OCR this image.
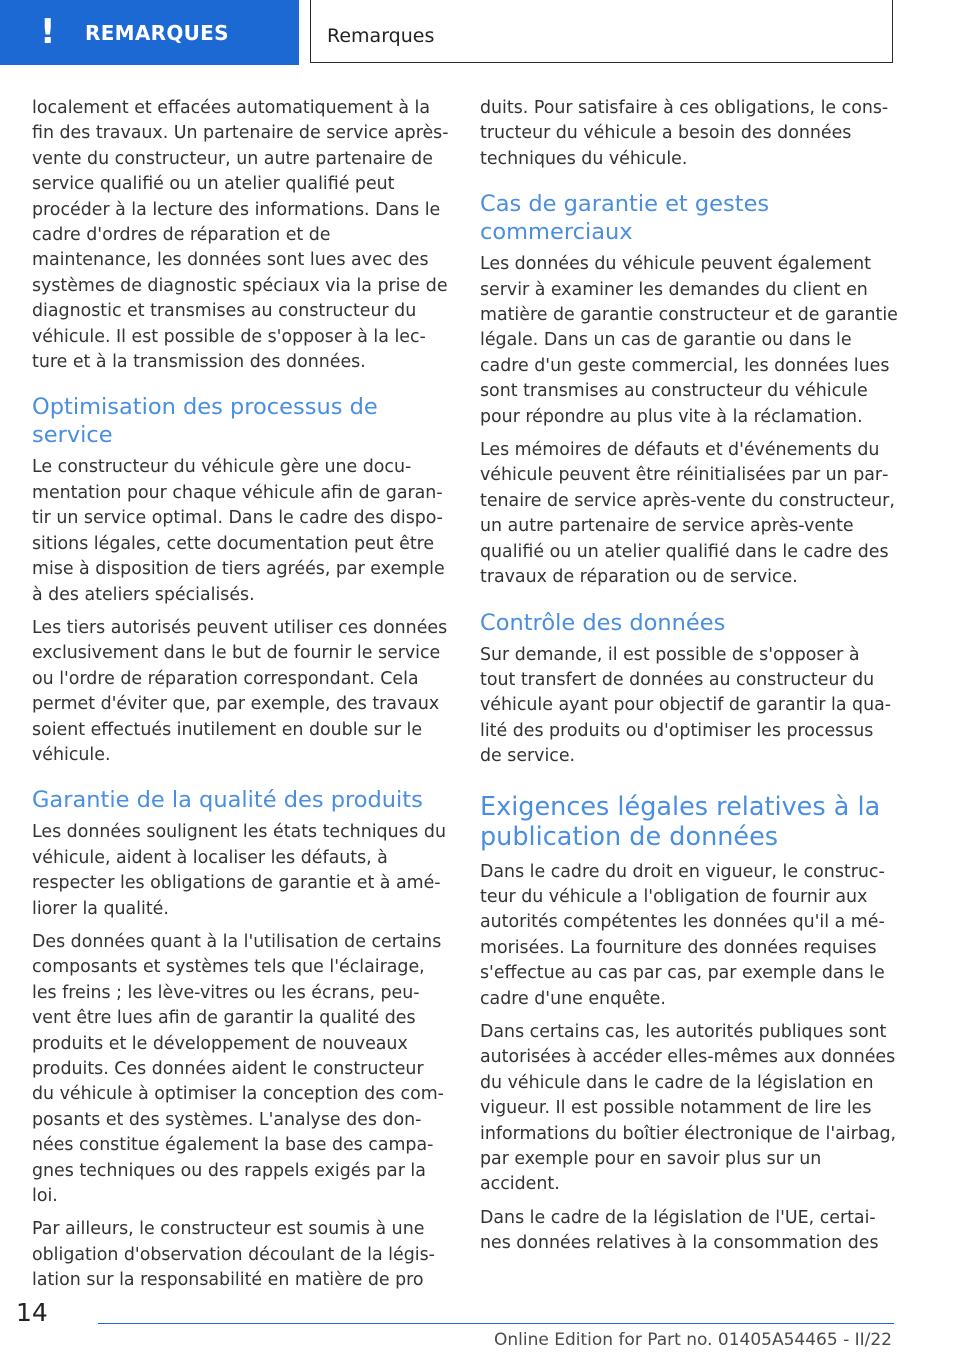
! REMARQUES	Remarques

localement et effacées automatiquement à la fin des travaux. Un partenaire de service après-vente du constructeur, un autre partenaire de service qualifié ou un atelier qualifié peut procéder à la lecture des informations. Dans le cadre d'ordres de réparation et de maintenance, les données sont lues avec des systèmes de diagnostic spéciaux via la prise de diagnostic et transmises au constructeur du véhicule. Il est possible de s'opposer à la lecture et à la transmission des données.

Optimisation des processus de service

Le constructeur du véhicule gère une documentation pour chaque véhicule afin de garantir un service optimal. Dans le cadre des dispositions légales, cette documentation peut être mise à disposition de tiers agréés, par exemple à des ateliers spécialisés.

Les tiers autorisés peuvent utiliser ces données exclusivement dans le but de fournir le service ou l'ordre de réparation correspondant. Cela permet d'éviter que, par exemple, des travaux soient effectués inutilement en double sur le véhicule.

Garantie de la qualité des produits

Les données soulignent les états techniques du véhicule, aident à localiser les défauts, à respecter les obligations de garantie et à améliorer la qualité.

Des données quant à la l'utilisation de certains composants et systèmes tels que l'éclairage, les freins ; les lève-vitres ou les écrans, peuvent être lues afin de garantir la qualité des produits et le développement de nouveaux produits. Ces données aident le constructeur du véhicule à optimiser la conception des composants et des systèmes. L'analyse des données constitue également la base des campagnes techniques ou des rappels exigés par la loi.

Par ailleurs, le constructeur est soumis à une obligation d'observation découlant de la législation sur la responsabilité en matière de pro

duits. Pour satisfaire à ces obligations, le constructeur du véhicule a besoin des données techniques du véhicule.

Cas de garantie et gestes commerciaux

Les données du véhicule peuvent également servir à examiner les demandes du client en matière de garantie constructeur et de garantie légale. Dans un cas de garantie ou dans le cadre d'un geste commercial, les données lues sont transmises au constructeur du véhicule pour répondre au plus vite à la réclamation.

Les mémoires de défauts et d'événements du véhicule peuvent être réinitialisées par un partenaire de service après-vente du constructeur, un autre partenaire de service après-vente qualifié ou un atelier qualifié dans le cadre des travaux de réparation ou de service.

Contrôle des données

Sur demande, il est possible de s'opposer à tout transfert de données au constructeur du véhicule ayant pour objectif de garantir la qualité des produits ou d'optimiser les processus de service.

Exigences légales relatives à la publication de données

Dans le cadre du droit en vigueur, le constructeur du véhicule a l'obligation de fournir aux autorités compétentes les données qu'il a mémorisées. La fourniture des données requises s'effectue au cas par cas, par exemple dans le cadre d'une enquête.

Dans certains cas, les autorités publiques sont autorisées à accéder elles-mêmes aux données du véhicule dans le cadre de la législation en vigueur. Il est possible notamment de lire les informations du boîtier électronique de l'airbag, par exemple pour en savoir plus sur un accident.

Dans le cadre de la législation de l'UE, certaines données relatives à la consommation des

14
Online Edition for Part no. 01405A54465 - II/22
